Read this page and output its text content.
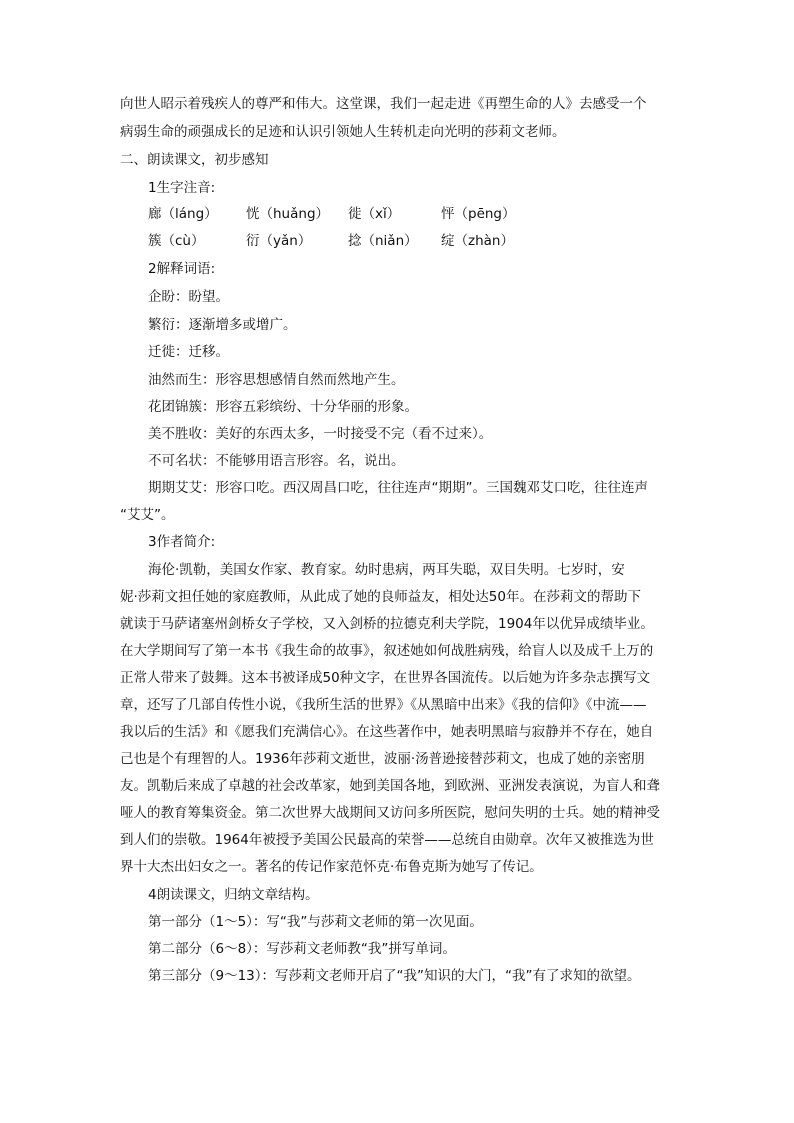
向世人昭示着残疾人的尊严和伟大。这堂课，我们一起走进《再塑生命的人》去感受一个
病弱生命的顽强成长的足迹和认识引领她人生转机走向光明的莎莉文老师。
二、朗读课文，初步感知
1生字注音:
廊（láng） 恍（huǎng） 徙（xǐ）	怦（pēng）
簇（cù）	衍（yǎn）	捻（niǎn） 绽（zhàn）
2解释词语:
企盼：盼望。
繁衍：逐渐增多或增广。
迁徙：迁移。
油然而生：形容思想感情自然而然地产生。
花团锦簇：形容五彩缤纷、十分华丽的形象。
美不胜收：美好的东西太多，一时接受不完（看不过来）。
不可名状：不能够用语言形容。名，说出。
期期艾艾：形容口吃。西汉周昌口吃，往往连声“期期”。三国魏邓艾口吃，往往连声
“艾艾”。
3作者简介:
海伦·凯勒，美国女作家、教育家。幼时患病，两耳失聪，双目失明。七岁时，安
妮·莎莉文担任她的家庭教师，从此成了她的良师益友，相处达50年。在莎莉文的帮助下
就读于马萨诸塞州剑桥女子学校，又入剑桥的拉德克利夫学院，1904年以优异成绩毕业。
在大学期间写了第一本书《我生命的故事》，叙述她如何战胜病残，给盲人以及成千上万的
正常人带来了鼓舞。这本书被译成50种文字，在世界各国流传。以后她为许多杂志撰写文
章，还写了几部自传性小说，《我所生活的世界》《从黑暗中出来》《我的信仰》《中流——
我以后的生活》和《愿我们充满信心》。在这些著作中，她表明黑暗与寂静并不存在，她自
己也是个有理智的人。1936年莎莉文逝世，波丽·汤普逊接替莎莉文，也成了她的亲密朋
友。凯勒后来成了卓越的社会改革家，她到美国各地，到欧洲、亚洲发表演说，为盲人和聋
哑人的教育筹集资金。第二次世界大战期间又访问多所医院，慰问失明的士兵。她的精神受
到人们的崇敬。1964年被授予美国公民最高的荣誉——总统自由勋章。次年又被推选为世
界十大杰出妇女之一。著名的传记作家范怀克·布鲁克斯为她写了传记。
4朗读课文，归纳文章结构。
第一部分（1～5）：写“我”与莎莉文老师的第一次见面。
第二部分（6～8）：写莎莉文老师教“我”拼写单词。
第三部分（9～13）：写莎莉文老师开启了“我”知识的大门，“我”有了求知的欲望。
